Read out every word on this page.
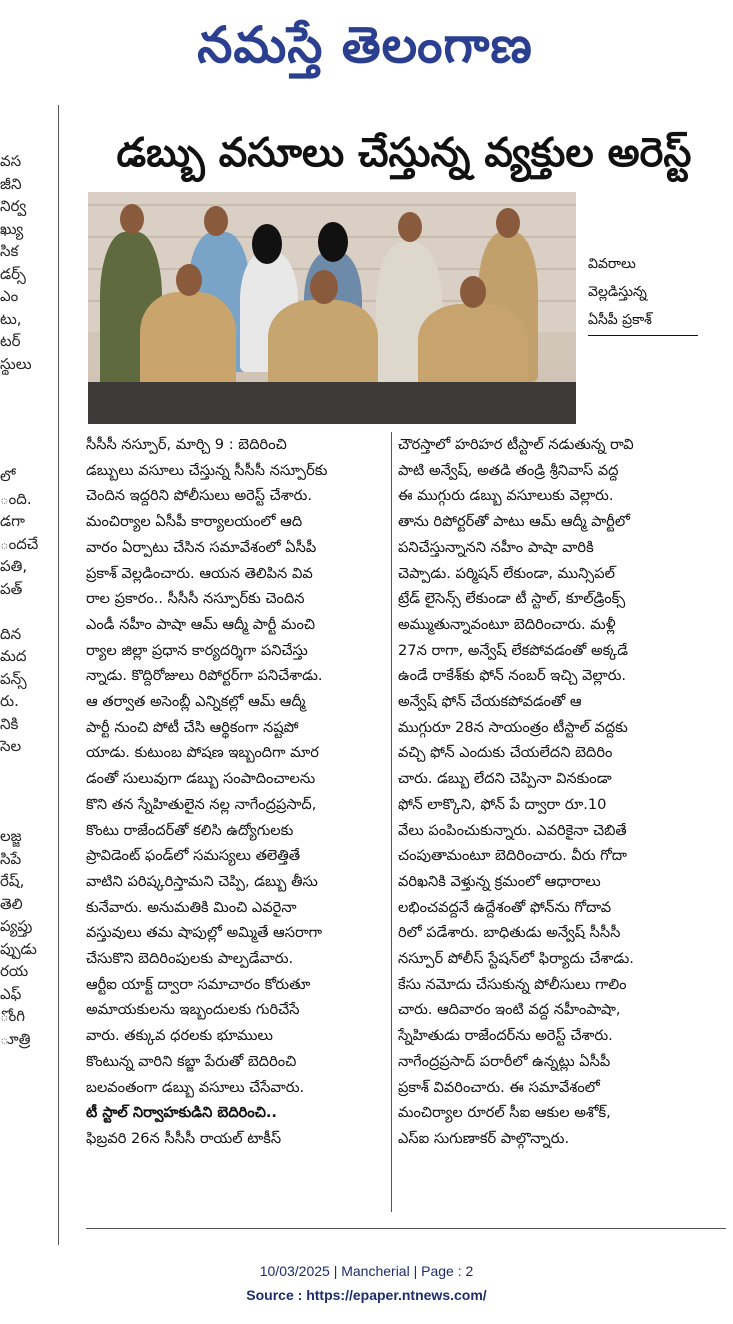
నమస్తే తెలంగాణ
వస
జీని
నిర్వ
ఖ్యు
సిక
డర్స్
ఎం
టు,
టర్
స్థులు

లో
ంది.
డగా
ందచే
పతి,
పత్

దిన
మద
పన్స్
రు.
నికి
సెల

లజ్జ
సిపే
రేష్,
తెలి
ప్యప్తు
ప్పుడు
రయ
ఎఫ్
ోంగి
ూత్రి
డబ్బు వసూలు చేస్తున్న వ్యక్తుల అరెస్ట్
వివరాలు
వెల్లడిస్తున్న
ఏసీపీ ప్రకాశ్
సీసీసీ నస్పూర్, మార్చి 9 : బెదిరించి
డబ్బులు వసూలు చేస్తున్న సీసీసీ నస్పూర్‌కు
చెందిన ఇద్దరిని పోలీసులు అరెస్ట్ చేశారు.
మంచిర్యాల ఏసీపీ కార్యాలయంలో ఆది
వారం ఏర్పాటు చేసిన సమావేశంలో ఏసీపీ
ప్రకాశ్ వెల్లడించారు. ఆయన తెలిపిన వివ
రాల ప్రకారం.. సీసీసీ నస్పూర్‌కు చెందిన
ఎండీ నహీం పాషా ఆమ్ ఆద్మీ పార్టీ మంచి
ర్యాల జిల్లా ప్రధాన కార్యదర్శిగా పనిచేస్తు
న్నాడు. కొద్దిరోజులు రిపోర్టర్‌గా పనిచేశాడు.
ఆ తర్వాత అసెంబ్లీ ఎన్నికల్లో ఆమ్ ఆద్మీ
పార్టీ నుంచి పోటీ చేసి ఆర్థికంగా నష్టపో
యాడు. కుటుంబ పోషణ ఇబ్బందిగా మార
డంతో సులువుగా డబ్బు సంపాదించాలను
కొని తన స్నేహితులైన నల్ల నాగేంద్రప్రసాద్,
కొంటు రాజేందర్‌తో కలిసి ఉద్యోగులకు
ప్రావిడెంట్ ఫండ్‌లో సమస్యలు తలెత్తితే
వాటిని పరిష్కరిస్తామని చెప్పి, డబ్బు తీసు
కునేవారు. అనుమతికి మించి ఎవరైనా
వస్తువులు తమ షాపుల్లో అమ్మితే ఆసరాగా
చేసుకొని బెదిరింపులకు పాల్పడేవారు.
ఆర్టీఐ యాక్ట్ ద్వారా సమాచారం కోరుతూ
అమాయకులను ఇబ్బందులకు గురిచేసే
వారు. తక్కువ ధరలకు భూములు
కొంటున్న వారిని కబ్జా పేరుతో బెదిరించి
బలవంతంగా డబ్బు వసూలు చేసేవారు.
టీ స్టాల్ నిర్వాహకుడిని బెదిరించి..
ఫిబ్రవరి 26న సీసీసీ రాయల్ టాకీస్
చౌరస్తాలో హరిహర టీస్టాల్ నడుతున్న రావి
పాటి అన్వేష్, అతడి తండ్రి శ్రీనివాస్ వద్ద
ఈ ముగ్గురు డబ్బు వసూలుకు వెల్లారు.
తాను రిపోర్టర్‌తో పాటు ఆమ్ ఆద్మీ పార్టీలో
పనిచేస్తున్నానని నహీం పాషా వారికి
చెప్పాడు. పర్మిషన్ లేకుండా, మున్సిపల్
ట్రేడ్ లైసెన్స్ లేకుండా టీ స్టాల్, కూల్‌డ్రింక్స్
అమ్ముతున్నావంటూ బెదిరించారు. మళ్లీ
27న రాగా, అన్వేష్ లేకపోవడంతో అక్కడే
ఉండే రాకేశ్‌కు ఫోన్ నంబర్ ఇచ్చి వెల్లారు.
అన్వేష్ ఫోన్ చేయకపోవడంతో ఆ
ముగ్గురూ 28న సాయంత్రం టీస్టాల్ వద్దకు
వచ్చి ఫోన్ ఎందుకు చేయలేదని బెదిరిం
చారు. డబ్బు లేదని చెప్పినా వినకుండా
ఫోన్ లాక్కొని, ఫోన్ పే ద్వారా రూ.10
వేలు పంపించుకున్నారు. ఎవరికైనా చెబితే
చంపుతామంటూ బెదిరించారు. వీరు గోదా
వరిఖనికి వెళ్తున్న క్రమంలో ఆధారాలు
లభించవద్దనే ఉద్దేశంతో ఫోన్‌ను గోదావ
రిలో పడేశారు. బాధితుడు అన్వేష్ సీసీసీ
నస్పూర్ పోలీస్ స్టేషన్‌లో ఫిర్యాదు చేశాడు.
కేసు నమోదు చేసుకున్న పోలీసులు గాలిం
చారు. ఆదివారం ఇంటి వద్ద నహీంపాషా,
స్నేహితుడు రాజేందర్‌ను అరెస్ట్ చేశారు.
నాగేంద్రప్రసాద్ పరారీలో ఉన్నట్లు ఏసీపీ
ప్రకాశ్ వివరించారు. ఈ సమావేశంలో
మంచిర్యాల రూరల్ సీఐ ఆకుల అశోక్,
ఎస్ఐ సుగుణాకర్ పాల్గొన్నారు.
10/03/2025 | Mancherial | Page : 2
Source : https://epaper.ntnews.com/
